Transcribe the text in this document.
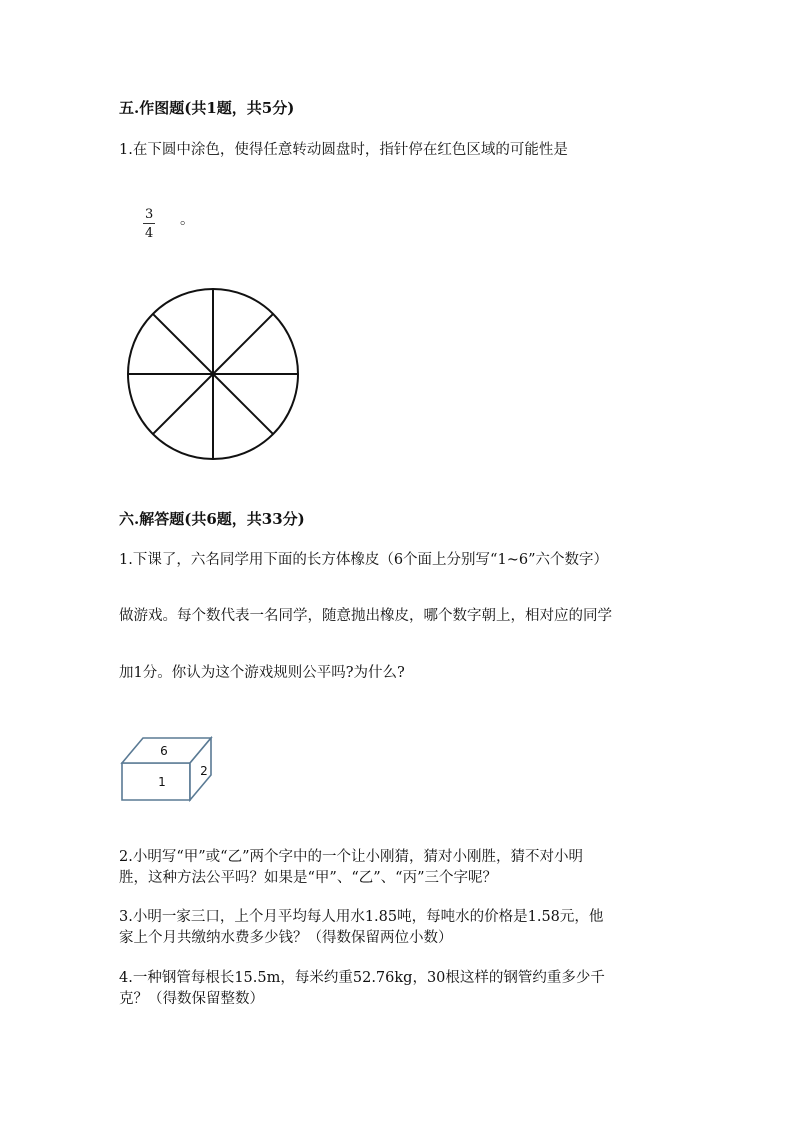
五.作图题(共1题，共5分)
1.在下圆中涂色，使得任意转动圆盘时，指针停在红色区域的可能性是
$\frac{3}{4}$ 。
六.解答题(共6题，共33分)
1.下课了，六名同学用下面的长方体橡皮（6个面上分别写“1~6”六个数字）
做游戏。每个数代表一名同学，随意抛出橡皮，哪个数字朝上，相对应的同学
加1分。你认为这个游戏规则公平吗?为什么?
6
1
2
2.小明写“甲”或“乙”两个字中的一个让小刚猜，猜对小刚胜，猜不对小明
胜，这种方法公平吗？如果是“甲”、“乙”、“丙”三个字呢？
3.小明一家三口，上个月平均每人用水1.85吨，每吨水的价格是1.58元，他
家上个月共缴纳水费多少钱？（得数保留两位小数）
4.一种钢管每根长15.5m，每米约重52.76kg，30根这样的钢管约重多少千
克？（得数保留整数）
